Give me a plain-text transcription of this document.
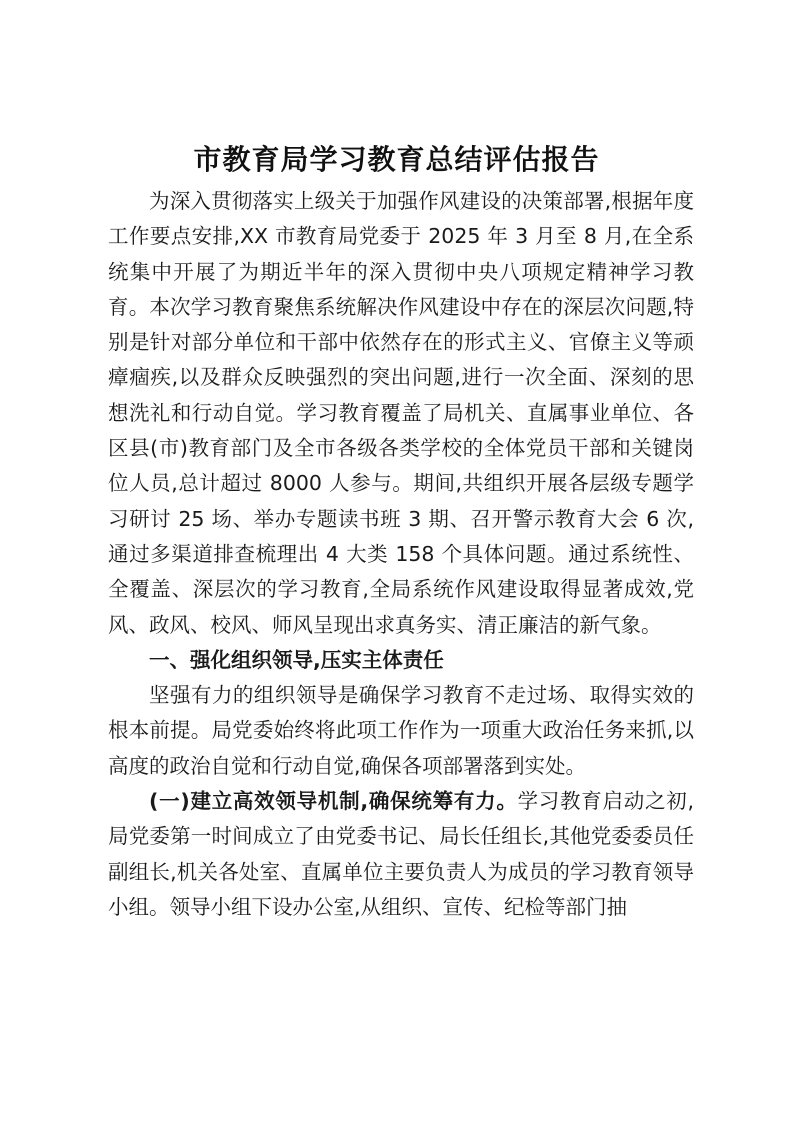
市教育局学习教育总结评估报告

为深入贯彻落实上级关于加强作风建设的决策部署,根据年度工作要点安排,XX 市教育局党委于 2025 年 3 月至 8 月,在全系统集中开展了为期近半年的深入贯彻中央八项规定精神学习教育。本次学习教育聚焦系统解决作风建设中存在的深层次问题,特别是针对部分单位和干部中依然存在的形式主义、官僚主义等顽瘴痼疾,以及群众反映强烈的突出问题,进行一次全面、深刻的思想洗礼和行动自觉。学习教育覆盖了局机关、直属事业单位、各区县(市)教育部门及全市各级各类学校的全体党员干部和关键岗位人员,总计超过 8000 人参与。期间,共组织开展各层级专题学习研讨 25 场、举办专题读书班 3 期、召开警示教育大会 6 次,通过多渠道排查梳理出 4 大类 158 个具体问题。通过系统性、全覆盖、深层次的学习教育,全局系统作风建设取得显著成效,党风、政风、校风、师风呈现出求真务实、清正廉洁的新气象。

一、强化组织领导,压实主体责任

坚强有力的组织领导是确保学习教育不走过场、取得实效的根本前提。局党委始终将此项工作作为一项重大政治任务来抓,以高度的政治自觉和行动自觉,确保各项部署落到实处。

(一)建立高效领导机制,确保统筹有力。学习教育启动之初,局党委第一时间成立了由党委书记、局长任组长,其他党委委员任副组长,机关各处室、直属单位主要负责人为成员的学习教育领导小组。领导小组下设办公室,从组织、宣传、纪检等部门抽
